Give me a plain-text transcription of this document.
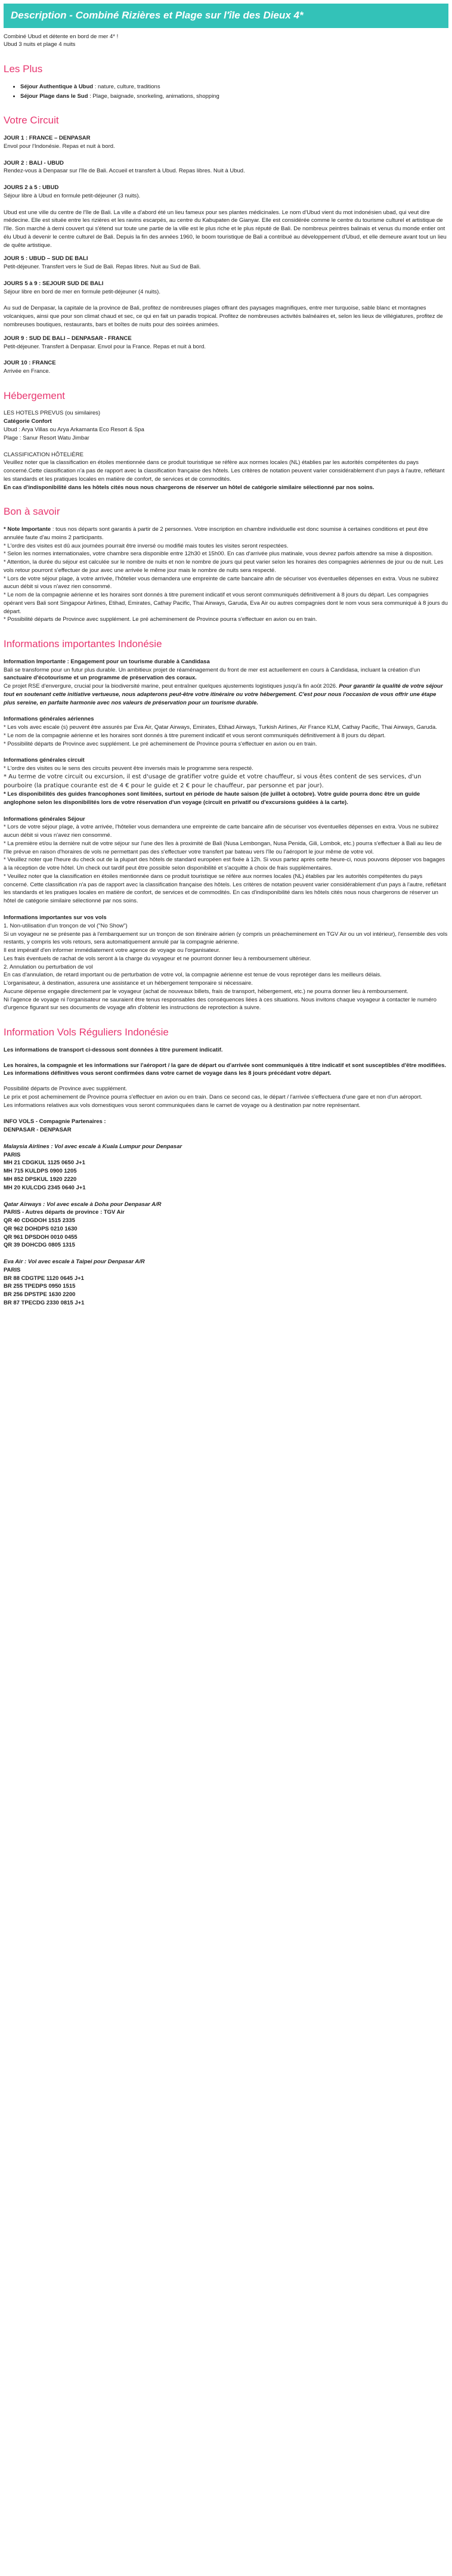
Description - Combiné Rizières et Plage sur l'île des Dieux 4*
Combiné Ubud et détente en bord de mer 4* !
Ubud 3 nuits et plage 4 nuits
Les Plus
• Séjour Authentique à Ubud : nature, culture, traditions
• Séjour Plage dans le Sud : Plage, baignade, snorkeling, animations, shopping
Votre Circuit
JOUR 1 : FRANCE – DENPASAR
Envol pour l'Indonésie. Repas et nuit à bord.
JOUR 2 : BALI - UBUD
Rendez-vous à Denpasar sur l'île de Bali. Accueil et transfert à Ubud. Repas libres. Nuit à Ubud.
JOURS 2 à 5 : UBUD
Séjour libre à Ubud en formule petit-déjeuner (3 nuits).

Ubud est une ville du centre de l'île de Bali. La ville a d'abord été un lieu fameux pour ses plantes médicinales. Le nom d'Ubud vient du mot indonésien ubad, qui veut dire médecine. Elle est située entre les rizières et les ravins escarpés, au centre du Kabupaten de Gianyar. Elle est considérée comme le centre du tourisme culturel et artistique de l'île. Son marché à demi couvert qui s'étend sur toute une partie de la ville est le plus riche et le plus réputé de Bali. De nombreux peintres balinais et venus du monde entier ont élu Ubud à devenir le centre culturel de Bali. Depuis la fin des années 1960, le boom touristique de Bali a contribué au développement d'Ubud, et elle demeure avant tout un lieu de quête artistique.

JOUR 5 : UBUD – SUD DE BALI
Petit-déjeuner. Transfert vers le Sud de Bali. Repas libres. Nuit au Sud de Bali.
JOURS 5 à 9 : SEJOUR SUD DE BALI
Séjour libre en bord de mer en formule petit-déjeuner (4 nuits).

Au sud de Denpasar, la capitale de la province de Bali, profitez de nombreuses plages offrant des paysages magnifiques, entre mer turquoise, sable blanc et montagnes volcaniques, ainsi que pour son climat chaud et sec, ce qui en fait un paradis tropical. Profitez de nombreuses activités balnéaires et, selon les lieux de villégiatures, profitez de nombreuses boutiques, restaurants, bars et boîtes de nuits pour des soirées animées.

JOUR 9 : SUD DE BALI – DENPASAR - FRANCE
Petit-déjeuner. Transfert à Denpasar. Envol pour la France. Repas et nuit à bord.
JOUR 10 : FRANCE
Arrivée en France.
Hébergement
LES HOTELS PREVUS (ou similaires)
Catégorie Confort
Ubud : Arya Villas ou Arya Arkamanta Eco Resort & Spa
Plage : Sanur Resort Watu Jimbar
CLASSIFICATION HÔTELIÈRE
Veuillez noter que la classification en étoiles mentionnée dans ce produit touristique se réfère aux normes locales (NL) établies par les autorités compétentes du pays concerné.Cette classification n'a pas de rapport avec la classification française des hôtels. Les critères de notation peuvent varier considérablement d'un pays à l'autre, reflétant les standards et les pratiques locales en matière de confort, de services et de commodités.
En cas d'indisponibilité dans les hôtels cités nous nous chargerons de réserver un hôtel de catégorie similaire sélectionné par nos soins.
Bon à savoir
* Note Importante : tous nos départs sont garantis à partir de 2 personnes. Votre inscription en chambre individuelle est donc soumise à certaines conditions et peut être annulée faute d'au moins 2 participants.
* L'ordre des visites est dû aux journées pourrait être inversé ou modifié mais toutes les visites seront respectées.
* Selon les normes internationales, votre chambre sera disponible entre 12h30 et 15h00. En cas d'arrivée plus matinale, vous devrez parfois attendre sa mise à disposition.
* Attention, la durée du séjour est calculée sur le nombre de nuits et non le nombre de jours qui peut varier selon les horaires des compagnies aériennes de jour ou de nuit. Les vols retour pourront s'effectuer de jour avec une arrivée le même jour mais le nombre de nuits sera respecté.
* Lors de votre séjour plage, à votre arrivée, l'hôtelier vous demandera une empreinte de carte bancaire afin de sécuriser vos éventuelles dépenses en extra. Vous ne subirez aucun débit si vous n'avez rien consommé.
* Le nom de la compagnie aérienne et les horaires sont donnés à titre purement indicatif et vous seront communiqués définitivement à 8 jours du départ. Les compagnies opérant vers Bali sont Singapour Airlines, Etihad, Emirates, Cathay Pacific, Thai Airways, Garuda, Eva Air ou autres compagnies dont le nom vous sera communiqué à 8 jours du départ.
* Possibilité départs de Province avec supplément. Le pré acheminement de Province pourra s'effectuer en avion ou en train.
Informations importantes Indonésie
Information Importante : Engagement pour un tourisme durable à Candidasa
Bali se transforme pour un futur plus durable. Un ambitieux projet de réaménagement du front de mer est actuellement en cours à Candidasa, incluant la création d'un sanctuaire d'écotourisme et un programme de préservation des coraux.
Ce projet RSE d'envergure, crucial pour la biodiversité marine, peut entraîner quelques ajustements logistiques jusqu'à fin août 2026. Pour garantir la qualité de votre séjour tout en soutenant cette initiative vertueuse, nous adapterons peut-être votre itinéraire ou votre hébergement. C'est pour nous l'occasion de vous offrir une étape plus sereine, en parfaite harmonie avec nos valeurs de préservation pour un tourisme durable.
Informations générales aériennes
* Les vols avec escale (s) peuvent être assurés par Eva Air, Qatar Airways, Emirates, Etihad Airways, Turkish Airlines, Air France KLM, Cathay Pacific, Thai Airways, Garuda.
* Le nom de la compagnie aérienne et les horaires sont donnés à titre purement indicatif et vous seront communiqués définitivement à 8 jours du départ.
* Possibilité départs de Province avec supplément. Le pré acheminement de Province pourra s'effectuer en avion ou en train.
Informations générales circuit
* L'ordre des visites ou le sens des circuits peuvent être inversés mais le programme sera respecté.
* Au terme de votre circuit ou excursion, il est d'usage de gratifier votre guide et votre chauffeur, si vous êtes content de ses services, d'un pourboire (la pratique courante est de 4 € pour le guide et 2 € pour le chauffeur, par personne et par jour).
* Les disponibilités des guides francophones sont limitées, surtout en période de haute saison (de juillet à octobre). Votre guide pourra donc être un guide anglophone selon les disponibilités lors de votre réservation d'un voyage (circuit en privatif ou d'excursions guidées à la carte).
Informations générales Séjour
* Lors de votre séjour plage, à votre arrivée, l'hôtelier vous demandera une empreinte de carte bancaire afin de sécuriser vos éventuelles dépenses en extra. Vous ne subirez aucun débit si vous n'avez rien consommé.
* La première et/ou la dernière nuit de votre séjour sur l'une des îles à proximité de Bali (Nusa Lembongan, Nusa Penida, Gili, Lombok, etc.) pourra s'effectuer à Bali au lieu de l'île prévue en raison d'horaires de vols ne permettant pas des s'effectuer votre transfert par bateau vers l'île ou l'aéroport le jour même de votre vol.
* Veuillez noter que l'heure du check out de la plupart des hôtels de standard européen est fixée à 12h. Si vous partez après cette heure-ci, nous pouvons déposer vos bagages à la réception de votre hôtel. Un check out tardif peut être possible selon disponibilité et s'acquitte à choix de frais supplémentaires.
* Veuillez noter que la classification en étoiles mentionnée dans ce produit touristique se réfère aux normes locales (NL) établies par les autorités compétentes du pays concerné. Cette classification n'a pas de rapport avec la classification française des hôtels. Les critères de notation peuvent varier considérablement d'un pays à l'autre, reflétant les standards et les pratiques locales en matière de confort, de services et de commodités. En cas d'indisponibilité dans les hôtels cités nous nous chargerons de réserver un hôtel de catégorie similaire sélectionné par nos soins.
Informations importantes sur vos vols
1. Non-utilisation d'un tronçon de vol ("No Show")
Si un voyageur ne se présente pas à l'embarquement sur un tronçon de son itinéraire aérien (y compris un préacheminement en TGV Air ou un vol intérieur), l'ensemble des vols restants, y compris les vols retours, sera automatiquement annulé par la compagnie aérienne.
Il est impératif d'en informer immédiatement votre agence de voyage ou l'organisateur.
Les frais éventuels de rachat de vols seront à la charge du voyageur et ne pourront donner lieu à remboursement ultérieur.
2. Annulation ou perturbation de vol
En cas d'annulation, de retard important ou de perturbation de votre vol, la compagnie aérienne est tenue de vous reprotéger dans les meilleurs délais.
L'organisateur, à destination, assurera une assistance et un hébergement temporaire si nécessaire.
Aucune dépense engagée directement par le voyageur (achat de nouveaux billets, frais de transport, hébergement, etc.) ne pourra donner lieu à remboursement.
Ni l'agence de voyage ni l'organisateur ne sauraient être tenus responsables des conséquences liées à ces situations. Nous invitons chaque voyageur à contacter le numéro d'urgence figurant sur ses documents de voyage afin d'obtenir les instructions de reprotection à suivre.
Information Vols Réguliers Indonésie
Les informations de transport ci-dessous sont données à titre purement indicatif.
Les horaires, la compagnie et les informations sur l'aéroport / la gare de départ ou d'arrivée sont communiqués à titre indicatif et sont susceptibles d'être modifiées. Les informations définitives vous seront confirmées dans votre carnet de voyage dans les 8 jours précédant votre départ.
Possibilité départs de Province avec supplément.
Le prix et post acheminement de Province pourra s'effectuer en avion ou en train. Dans ce second cas, le départ / l'arrivée s'effectuera d'une gare et non d'un aéroport.
Les informations relatives aux vols domestiques vous seront communiquées dans le carnet de voyage ou à destination par notre représentant.
INFO VOLS - Compagnie Partenaires :
DENPASAR - DENPASAR
Malaysia Airlines : Vol avec escale à Kuala Lumpur pour Denpasar
PARIS
MH 21 CDGKUL 1125 0650 J+1
MH 715 KULDPS 0900 1205
MH 852 DPSKUL 1920 2220
MH 20 KULCDG 2345 0640 J+1
Qatar Airways : Vol avec escale à Doha pour Denpasar A/R
PARIS - Autres départs de province : TGV Air
QR 40 CDGDOH 1515 2335
QR 962 DOHDPS 0210 1630
QR 961 DPSDOH 0010 0455
QR 39 DOHCDG 0805 1315
Eva Air : Vol avec escale à Taipei pour Denpasar A/R
PARIS
BR 88 CDGTPE 1120 0645 J+1
BR 255 TPEDPS 0950 1515
BR 256 DPSTPE 1630 2200
BR 87 TPECDG 2330 0815 J+1
